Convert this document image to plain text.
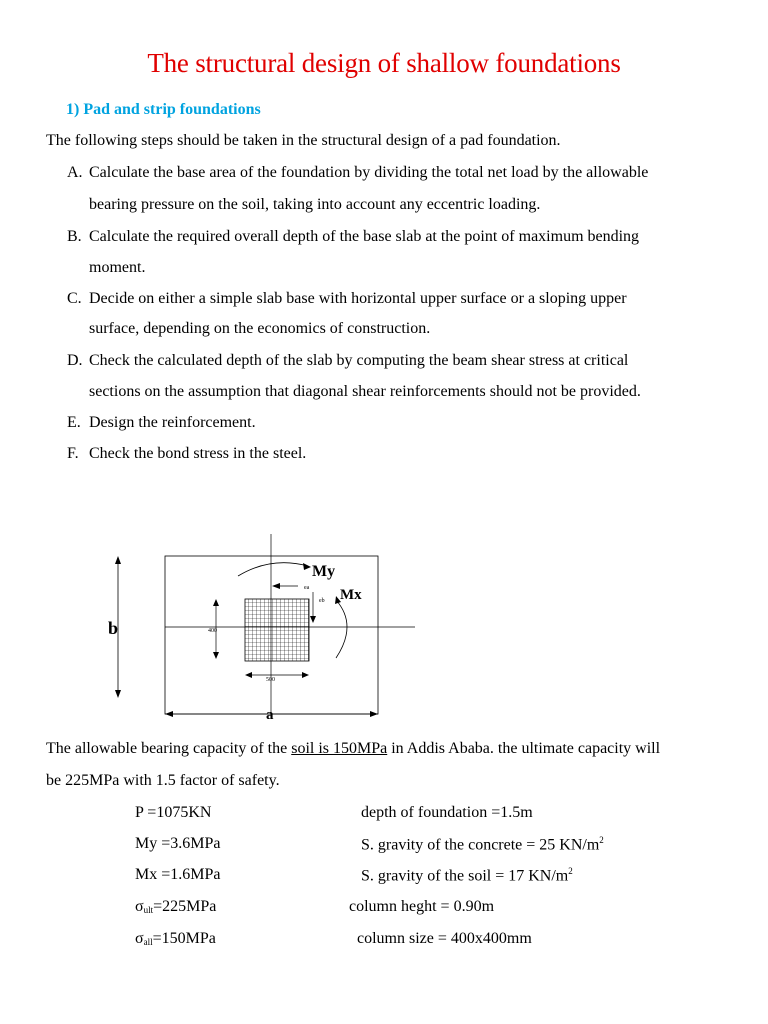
The structural design of shallow foundations
1) Pad and strip foundations
The following steps should be taken in the structural design of a pad foundation.
A. Calculate the base area of the foundation by dividing the total net load by the allowable
bearing pressure on the soil, taking into account any eccentric loading.
B. Calculate the required overall depth of the base slab at the point of maximum bending
moment.
C. Decide on either a simple slab base with horizontal upper surface or a sloping upper
surface, depending on the economics of construction.
D. Check the calculated depth of the slab by computing the beam shear stress at critical
sections on the assumption that diagonal shear reinforcements should not be provided.
E. Design the reinforcement.
F. Check the bond stress in the steel.
b
a
400
500
ea
eb
My
Mx
The allowable bearing capacity of the soil is 150MPa in Addis Ababa. the ultimate capacity will
be 225MPa with 1.5 factor of safety.
P =1075KN
My =3.6MPa
Mx =1.6MPa
$\sigma_{ult}=225MPa$
$\sigma_{all}=150MPa$
depth of foundation =1.5m
S. gravity of the concrete = 25 $KN/m^2$
S. gravity of the soil = 17 $KN/m^2$
column heght = 0.90m
column size = 400x400mm
